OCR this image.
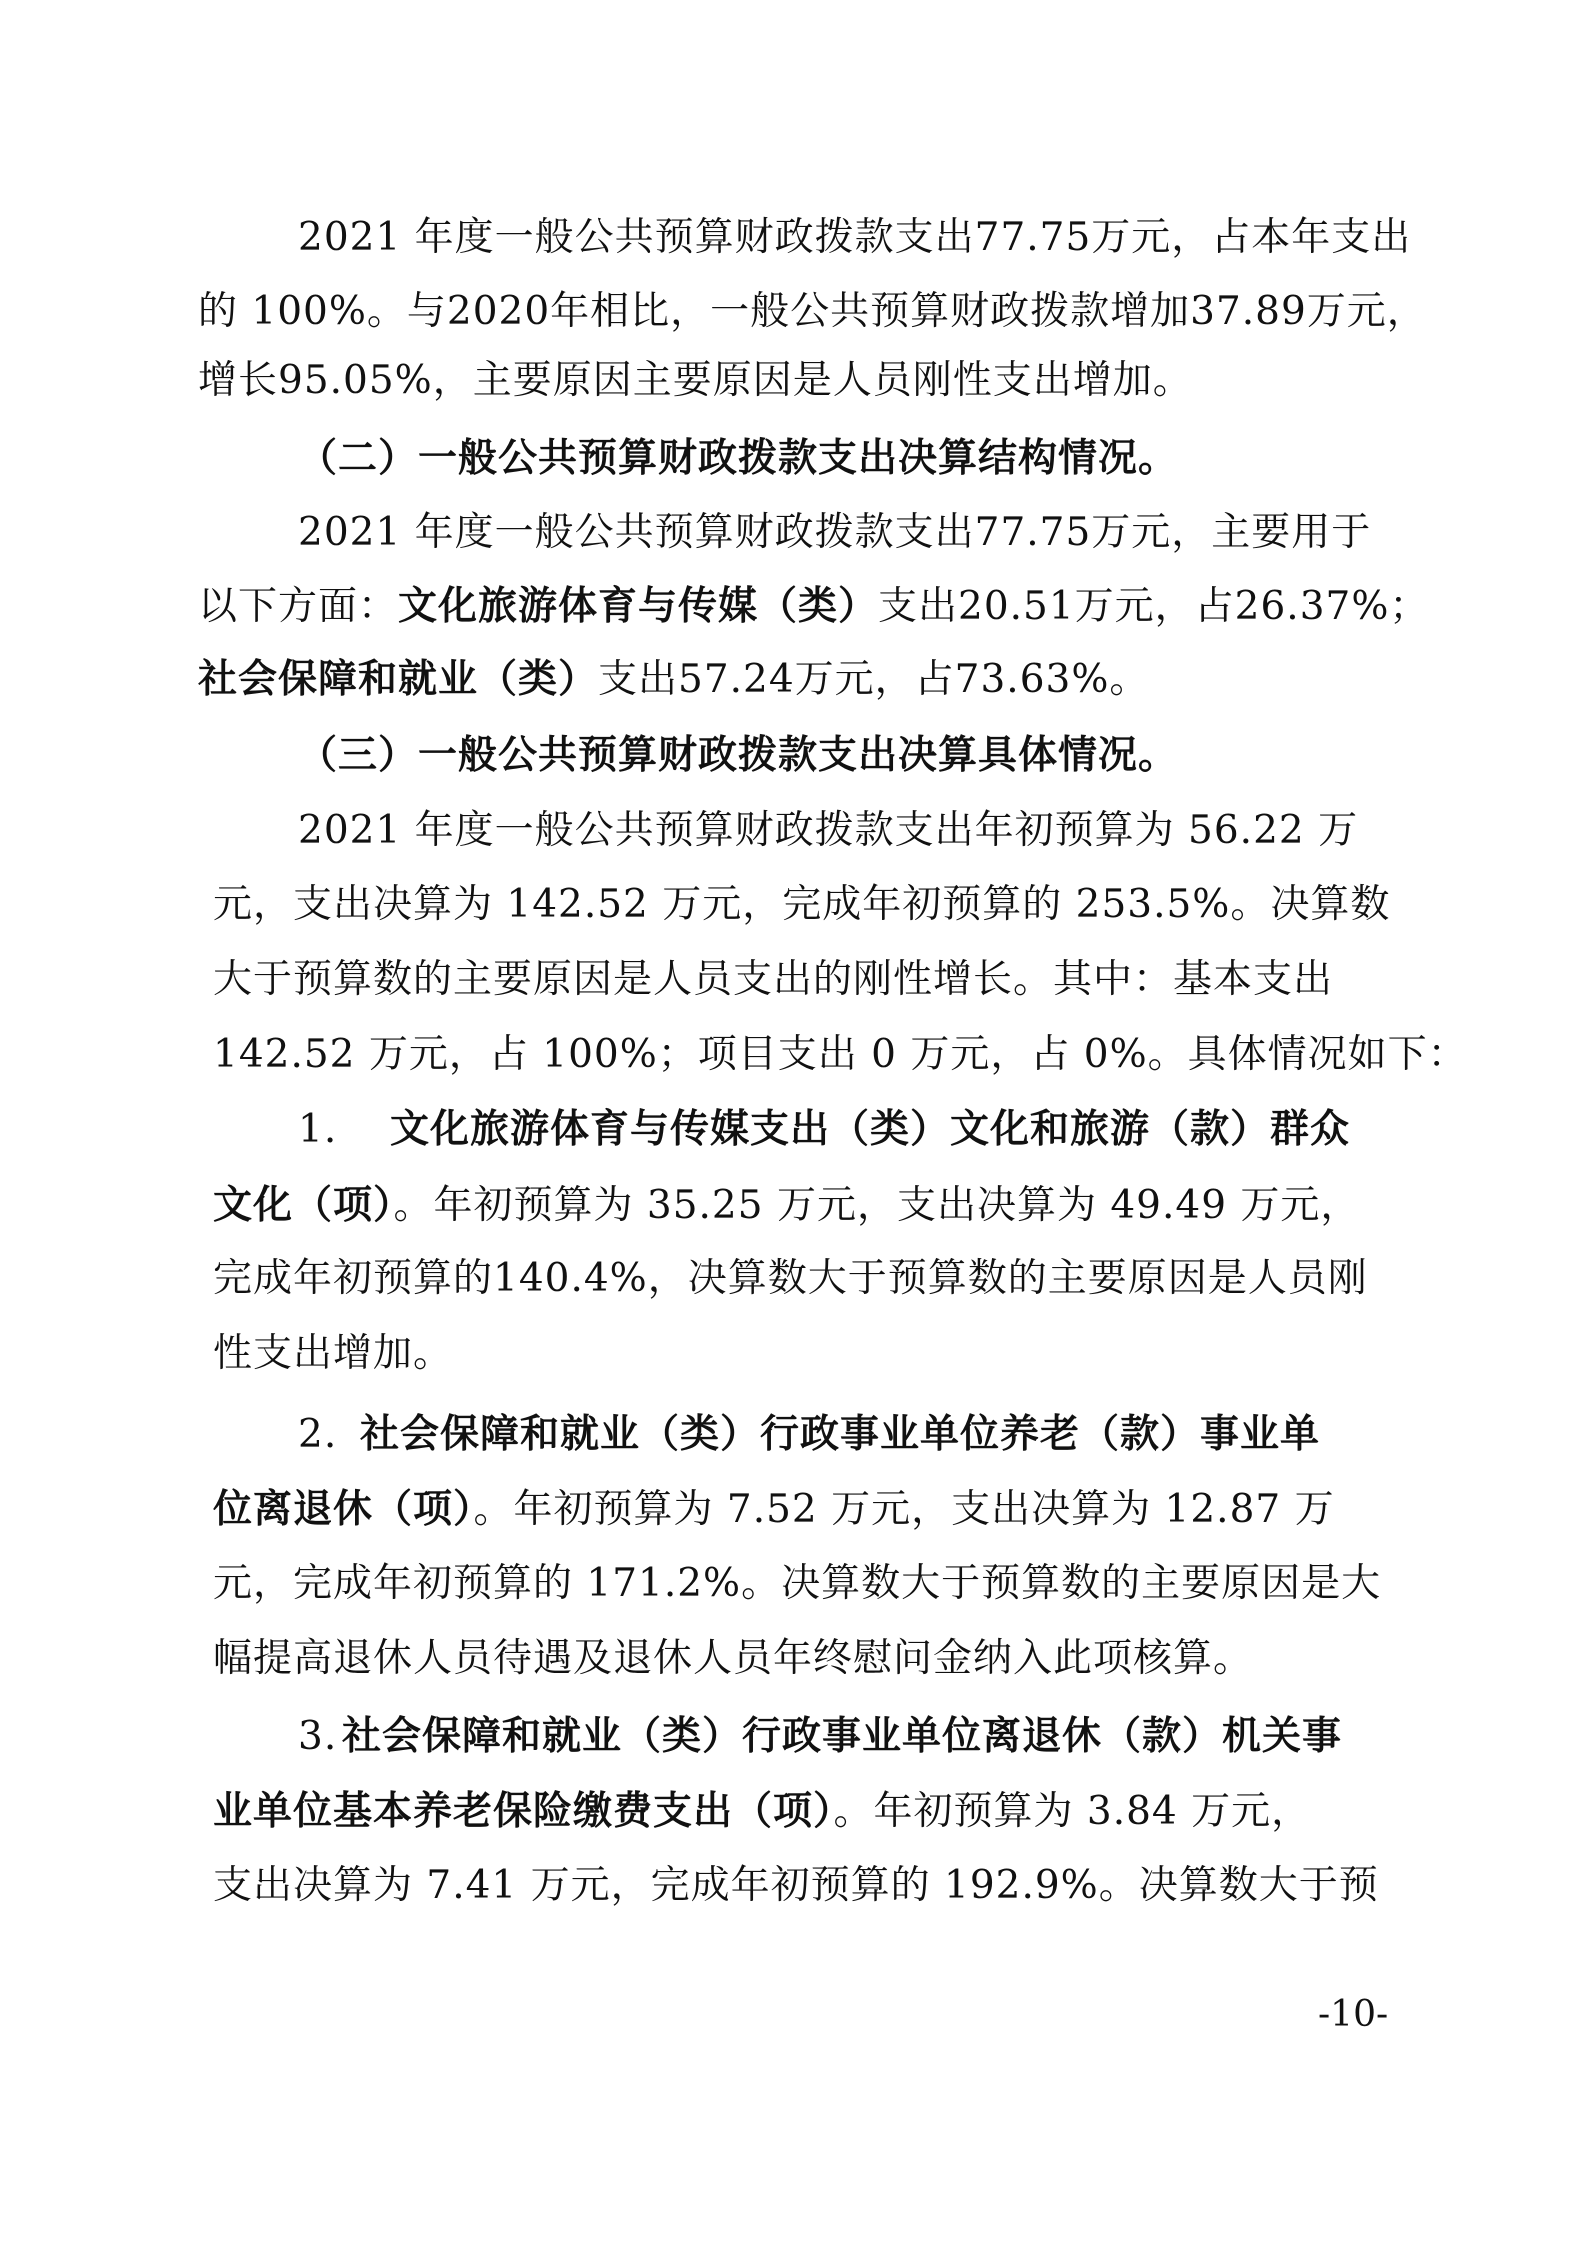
2021 年度一般公共预算财政拨款支出77.75万元，占本年支出
的 100%。与2020年相比，一般公共预算财政拨款增加37.89万元，
增长95.05%，主要原因主要原因是人员刚性支出增加。
（二）一般公共预算财政拨款支出决算结构情况。
2021 年度一般公共预算财政拨款支出77.75万元，主要用于
以下方面：文化旅游体育与传媒（类）支出20.51万元，占26.37%；
社会保障和就业（类）支出57.24万元，占73.63%。
（三）一般公共预算财政拨款支出决算具体情况。
2021 年度一般公共预算财政拨款支出年初预算为 56.22 万
元，支出决算为 142.52 万元，完成年初预算的 253.5%。决算数
大于预算数的主要原因是人员支出的刚性增长。其中：基本支出
142.52 万元，占 100%；项目支出 0 万元，占 0%。具体情况如下：
1. 文化旅游体育与传媒支出（类）文化和旅游（款）群众
文化（项）。年初预算为 35.25 万元，支出决算为 49.49 万元，
完成年初预算的140.4%，决算数大于预算数的主要原因是人员刚
性支出增加。
2. 社会保障和就业（类）行政事业单位养老（款）事业单
位离退休（项）。年初预算为 7.52 万元，支出决算为 12.87 万
元，完成年初预算的 171.2%。决算数大于预算数的主要原因是大
幅提高退休人员待遇及退休人员年终慰问金纳入此项核算。
3. 社会保障和就业（类）行政事业单位离退休（款）机关事
业单位基本养老保险缴费支出（项）。年初预算为 3.84 万元，
支出决算为 7.41 万元，完成年初预算的 192.9%。决算数大于预
-10-
